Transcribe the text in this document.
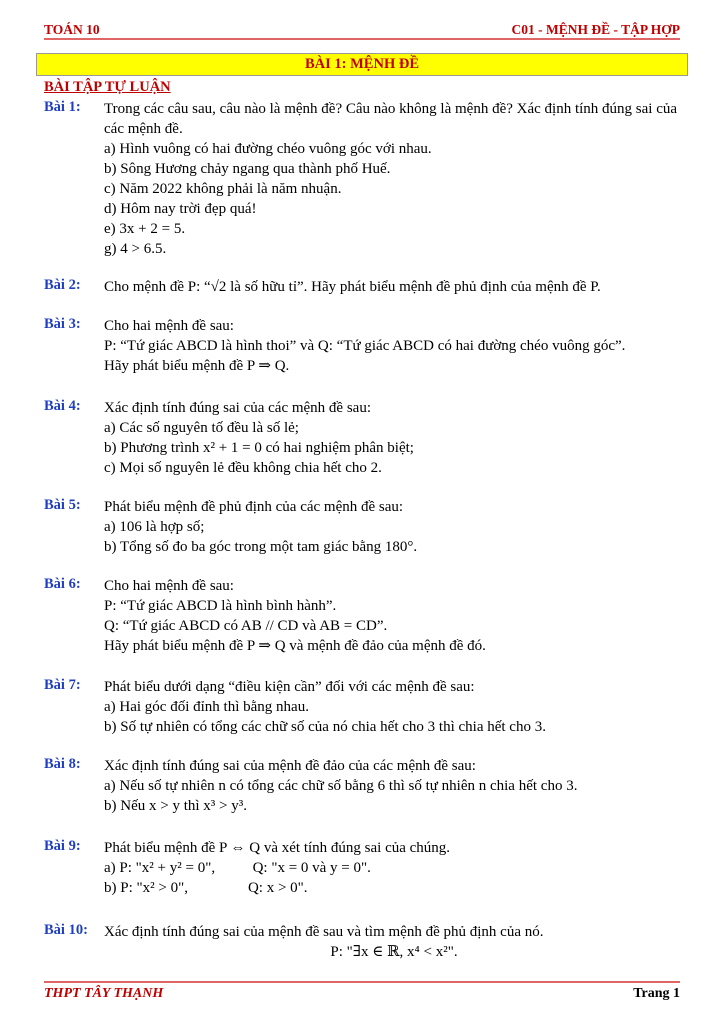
TOÁN 10	C01 - MỆNH ĐỀ - TẬP HỢP
BÀI 1: MỆNH ĐỀ
BÀI TẬP TỰ LUẬN
Bài 1: Trong các câu sau, câu nào là mệnh đề? Câu nào không là mệnh đề? Xác định tính đúng sai của các mệnh đề.
a) Hình vuông có hai đường chéo vuông góc với nhau.
b) Sông Hương chảy ngang qua thành phố Huế.
c) Năm 2022 không phải là năm nhuận.
d) Hôm nay trời đẹp quá!
e) 3x + 2 = 5.
g) 4 > 6.5.
Bài 2: Cho mệnh đề P: “√2 là số hữu tỉ”. Hãy phát biểu mệnh đề phủ định của mệnh đề P.
Bài 3: Cho hai mệnh đề sau:
P: “Tứ giác ABCD là hình thoi” và Q: “Tứ giác ABCD có hai đường chéo vuông góc”.
Hãy phát biểu mệnh đề P ⇒ Q.
Bài 4: Xác định tính đúng sai của các mệnh đề sau:
a) Các số nguyên tố đều là số lẻ;
b) Phương trình x² + 1 = 0 có hai nghiệm phân biệt;
c) Mọi số nguyên lẻ đều không chia hết cho 2.
Bài 5: Phát biểu mệnh đề phủ định của các mệnh đề sau:
a) 106 là hợp số;
b) Tổng số đo ba góc trong một tam giác bằng 180°.
Bài 6: Cho hai mệnh đề sau:
P: “Tứ giác ABCD là hình bình hành”.
Q: “Tứ giác ABCD có AB // CD và AB = CD”.
Hãy phát biểu mệnh đề P ⇒ Q và mệnh đề đảo của mệnh đề đó.
Bài 7: Phát biểu dưới dạng “điều kiện cần” đối với các mệnh đề sau:
a) Hai góc đối đỉnh thì bằng nhau.
b) Số tự nhiên có tổng các chữ số của nó chia hết cho 3 thì chia hết cho 3.
Bài 8: Xác định tính đúng sai của mệnh đề đảo của các mệnh đề sau:
a) Nếu số tự nhiên n có tổng các chữ số bằng 6 thì số tự nhiên n chia hết cho 3.
b) Nếu x > y thì x³ > y³.
Bài 9: Phát biểu mệnh đề P ⇔ Q và xét tính đúng sai của chúng.
a) P: "x² + y² = 0",          Q: "x = 0 và y = 0".
b) P: "x² > 0",                Q: x > 0".
Bài 10: Xác định tính đúng sai của mệnh đề sau và tìm mệnh đề phủ định của nó.
P: "∃x ∈ ℝ, x⁴ < x²".
THPT TÂY THẠNH	Trang 1
